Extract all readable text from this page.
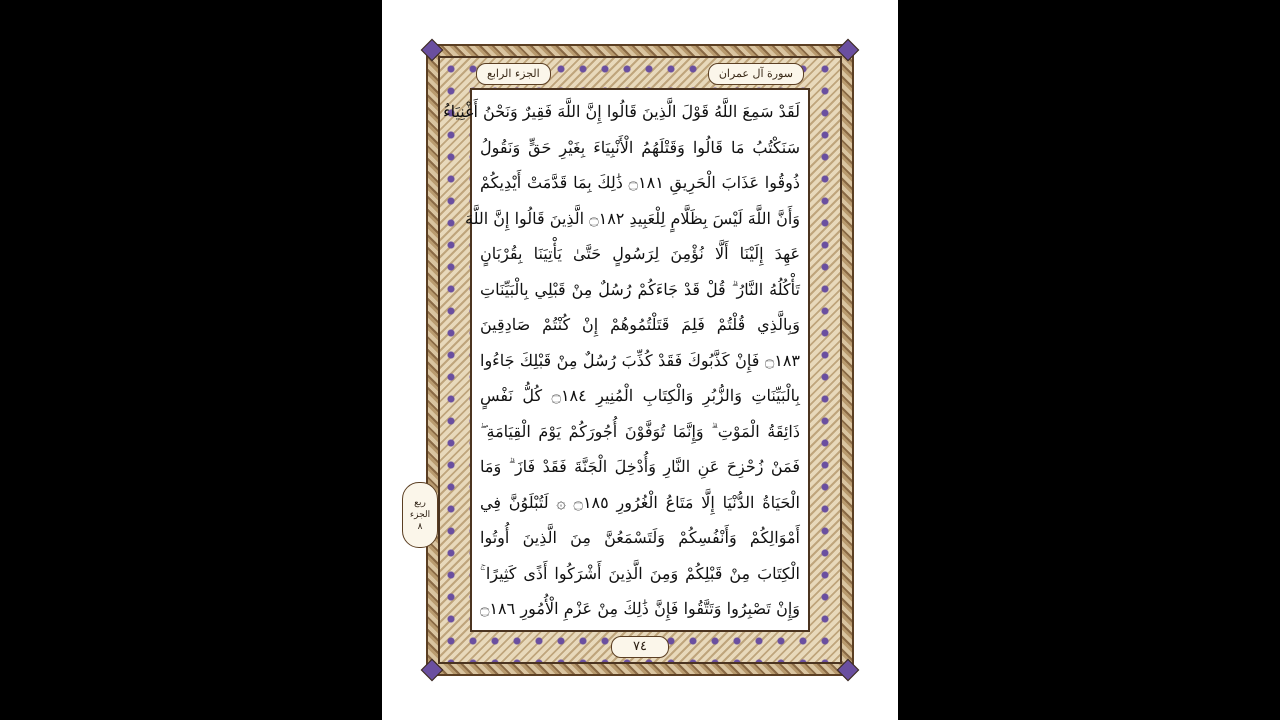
الجزء الرابع	سورة آل عمران
لَقَدْ سَمِعَ اللَّهُ قَوْلَ الَّذِينَ قَالُوا إِنَّ اللَّهَ فَقِيرٌ وَنَحْنُ أَغْنِيَاءُ
سَنَكْتُبُ مَا قَالُوا وَقَتْلَهُمُ الْأَنْبِيَاءَ بِغَيْرِ حَقٍّ وَنَقُولُ
ذُوقُوا عَذَابَ الْحَرِيقِ ۝١٨١ ذَٰلِكَ بِمَا قَدَّمَتْ أَيْدِيكُمْ
وَأَنَّ اللَّهَ لَيْسَ بِظَلَّامٍ لِلْعَبِيدِ ۝١٨٢ الَّذِينَ قَالُوا إِنَّ اللَّهَ
عَهِدَ إِلَيْنَا أَلَّا نُؤْمِنَ لِرَسُولٍ حَتَّىٰ يَأْتِيَنَا بِقُرْبَانٍ
تَأْكُلُهُ النَّارُ ۗ قُلْ قَدْ جَاءَكُمْ رُسُلٌ مِنْ قَبْلِي بِالْبَيِّنَاتِ
وَبِالَّذِي قُلْتُمْ فَلِمَ قَتَلْتُمُوهُمْ إِنْ كُنْتُمْ صَادِقِينَ
۝١٨٣ فَإِنْ كَذَّبُوكَ فَقَدْ كُذِّبَ رُسُلٌ مِنْ قَبْلِكَ جَاءُوا
بِالْبَيِّنَاتِ وَالزُّبُرِ وَالْكِتَابِ الْمُنِيرِ ۝١٨٤ كُلُّ نَفْسٍ
ذَائِقَةُ الْمَوْتِ ۗ وَإِنَّمَا تُوَفَّوْنَ أُجُورَكُمْ يَوْمَ الْقِيَامَةِ ۖ
فَمَنْ زُحْزِحَ عَنِ النَّارِ وَأُدْخِلَ الْجَنَّةَ فَقَدْ فَازَ ۗ وَمَا
الْحَيَاةُ الدُّنْيَا إِلَّا مَتَاعُ الْغُرُورِ ۝١٨٥ ۞ لَتُبْلَوُنَّ فِي
أَمْوَالِكُمْ وَأَنْفُسِكُمْ وَلَتَسْمَعُنَّ مِنَ الَّذِينَ أُوتُوا
الْكِتَابَ مِنْ قَبْلِكُمْ وَمِنَ الَّذِينَ أَشْرَكُوا أَذًى كَثِيرًا ۚ
وَإِنْ تَصْبِرُوا وَتَتَّقُوا فَإِنَّ ذَٰلِكَ مِنْ عَزْمِ الْأُمُورِ ۝١٨٦
٧٤
ربع
الجزء
٨
